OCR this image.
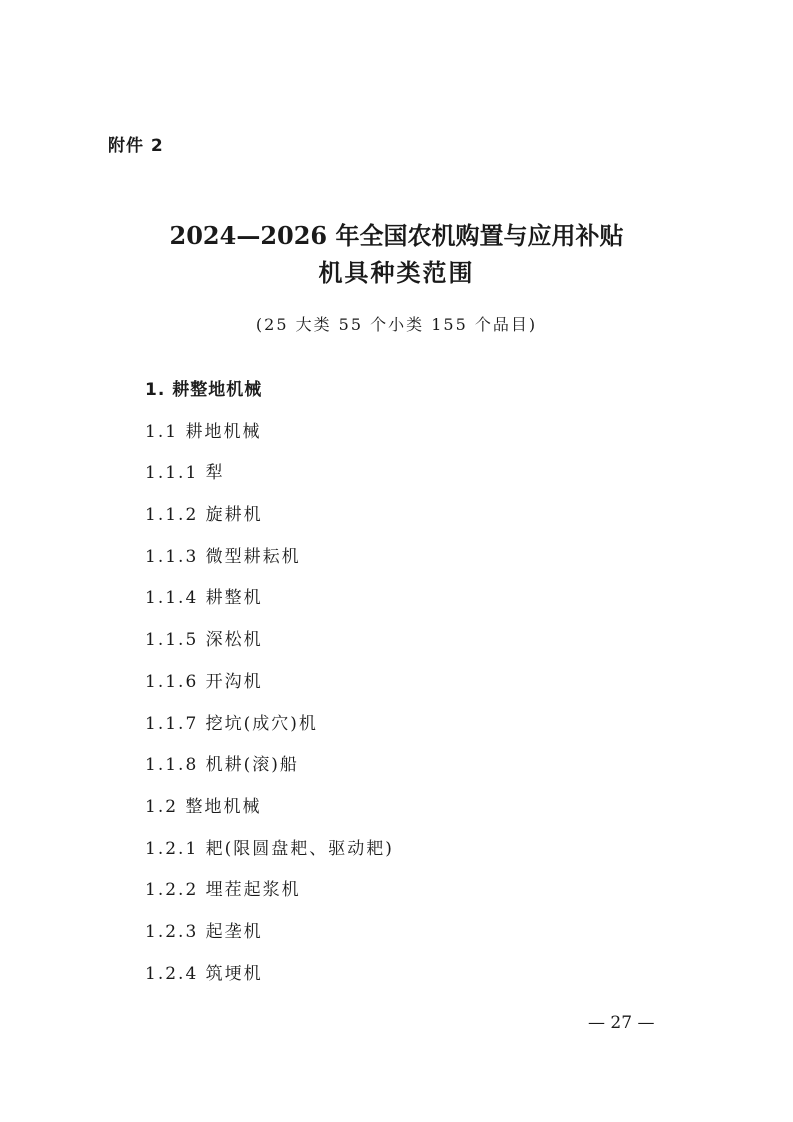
附件 2
2024—2026 年全国农机购置与应用补贴
机具种类范围
(25 大类 55 个小类 155 个品目)
1. 耕整地机械
1.1 耕地机械
1.1.1 犁
1.1.2 旋耕机
1.1.3 微型耕耘机
1.1.4 耕整机
1.1.5 深松机
1.1.6 开沟机
1.1.7 挖坑(成穴)机
1.1.8 机耕(滚)船
1.2 整地机械
1.2.1 耙(限圆盘耙、驱动耙)
1.2.2 埋茬起浆机
1.2.3 起垄机
1.2.4 筑埂机
— 27 —
